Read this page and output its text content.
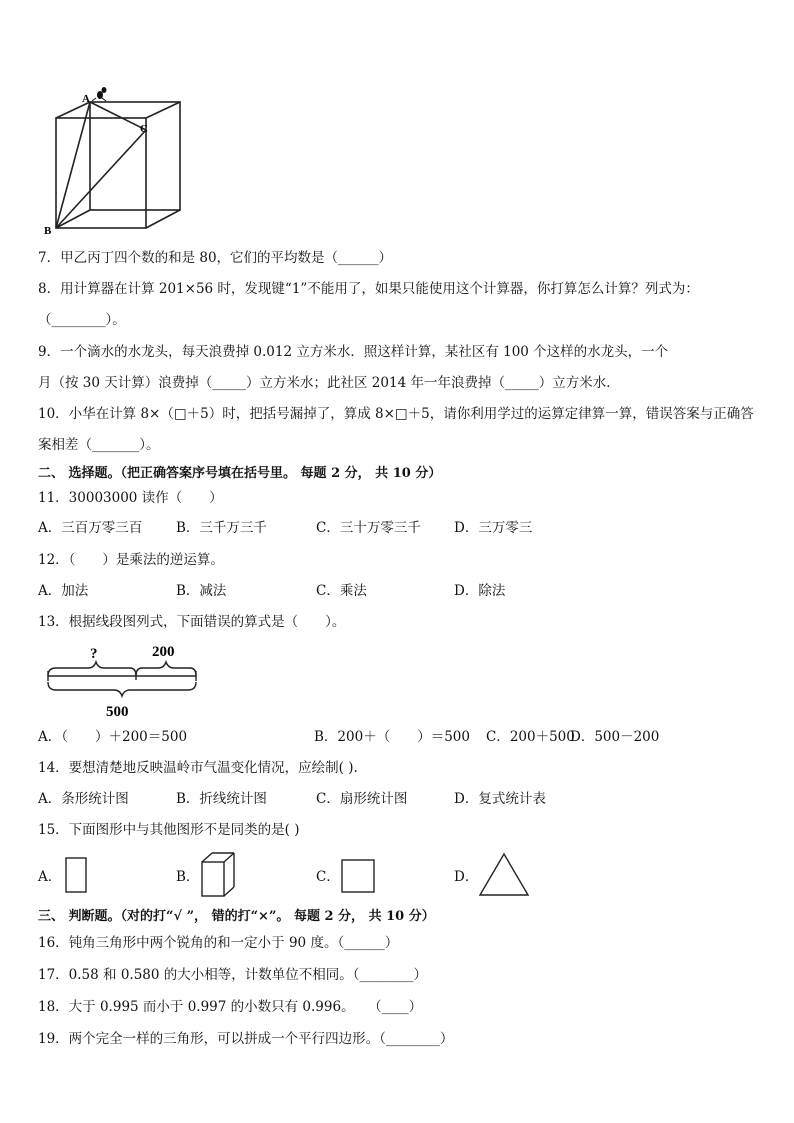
A
B
C
7．甲乙丙丁四个数的和是 80，它们的平均数是（______）
8．用计算器在计算 201×56 时，发现键“1”不能用了，如果只能使用这个计算器，你打算怎么计算？列式为：
（________）。
9．一个滴水的水龙头，每天浪费掉 0.012 立方米水．照这样计算，某社区有 100 个这样的水龙头，一个
月（按 30 天计算）浪费掉（_____）立方米水；此社区 2014 年一年浪费掉（_____）立方米水．
10．小华在计算 8×（□＋5）时，把括号漏掉了，算成 8×□＋5，请你利用学过的运算定律算一算，错误答案与正确答
案相差（_______）。
二、 选择题。（把正确答案序号填在括号里。 每题 2 分， 共 10 分）
11．30003000 读作（　　）
A．三百万零三百	B．三千万三千	C．三十万零三千 D．三万零三
12．（　　）是乘法的逆运算。
A．加法	B．减法	C．乘法	D．除法
13．根据线段图列式，下面错误的算式是（　　）。
?	200
500
A．（　　）＋200＝500	B．200＋（　　）＝500 C．200＋500
D．500－200
14．要想清楚地反映温岭市气温变化情况，应绘制( ).
A．条形统计图	B．折线统计图	C．扇形统计图	D．复式统计表
15．下面图形中与其他图形不是同类的是( )
A．	B．	C．	D．
三、 判断题。（对的打“√ ”， 错的打“×”。 每题 2 分， 共 10 分）
16．钝角三角形中两个锐角的和一定小于 90 度。（______）
17．0.58 和 0.580 的大小相等，计数单位不相同。（________）
18．大于 0.995 而小于 0.997 的小数只有 0.996。　　（____）
19．两个完全一样的三角形，可以拼成一个平行四边形。（________）
